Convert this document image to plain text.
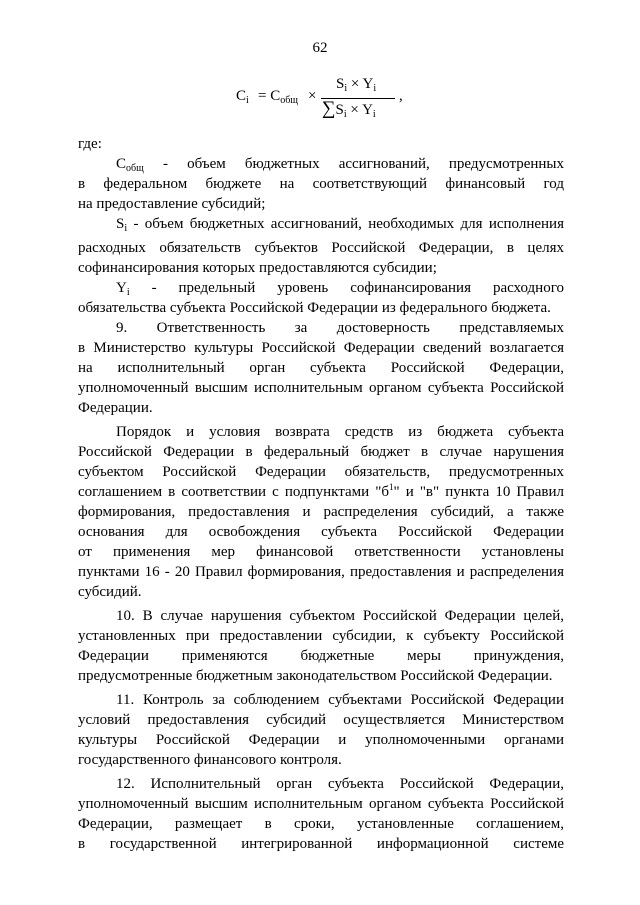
62
$C_i = C_{общ}$ ×
$S_i \times Y_i$
$\sum S_i \times Y_i$
,
где:
$C_{общ}$ - объем бюджетных ассигнований, предусмотренных
в федеральном бюджете на соответствующий финансовый год
на предоставление субсидий;
$S_i$ - объем бюджетных ассигнований, необходимых для исполнения
расходных обязательств субъектов Российской Федерации, в целях
софинансирования которых предоставляются субсидии;
$Y_i$ - предельный уровень софинансирования расходного
обязательства субъекта Российской Федерации из федерального бюджета.
9. Ответственность за достоверность представляемых
в Министерство культуры Российской Федерации сведений возлагается
на исполнительный орган субъекта Российской Федерации,
уполномоченный высшим исполнительным органом субъекта Российской
Федерации.
Порядок и условия возврата средств из бюджета субъекта
Российской Федерации в федеральный бюджет в случае нарушения
субъектом Российской Федерации обязательств, предусмотренных
соглашением в соответствии с подпунктами "$б^1$" и "в" пункта 10 Правил
формирования, предоставления и распределения субсидий, а также
основания для освобождения субъекта Российской Федерации
от применения мер финансовой ответственности установлены
пунктами 16 - 20 Правил формирования, предоставления и распределения
субсидий.
10. В случае нарушения субъектом Российской Федерации целей,
установленных при предоставлении субсидии, к субъекту Российской
Федерации применяются бюджетные меры принуждения,
предусмотренные бюджетным законодательством Российской Федерации.
11. Контроль за соблюдением субъектами Российской Федерации
условий предоставления субсидий осуществляется Министерством
культуры Российской Федерации и уполномоченными органами
государственного финансового контроля.
12. Исполнительный орган субъекта Российской Федерации,
уполномоченный высшим исполнительным органом субъекта Российской
Федерации, размещает в сроки, установленные соглашением,
в государственной интегрированной информационной системе
